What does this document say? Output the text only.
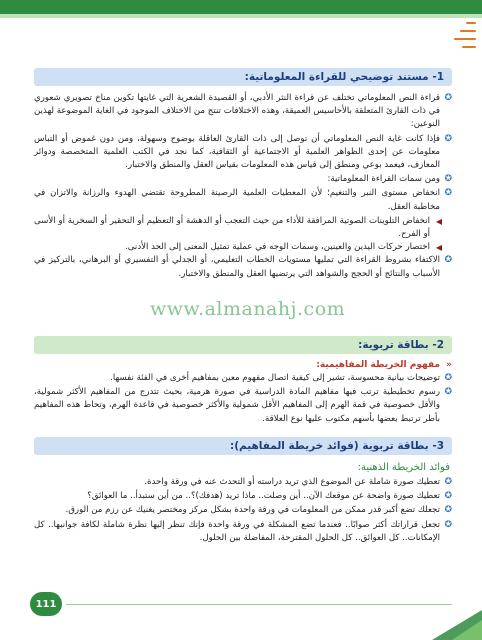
1- مستند توضيحي للقراءة المعلوماتية:

✪
قراءة النص المعلوماتي تختلف عن قراءة النثر الأدبي، أو القصيدة الشعرية التي غايتها تكوين مناخ تصويري شعوري في ذات القارئ المتعلقة بالأحاسيس العميقة، وهذه الاختلافات تنتج من الاختلاف الموجود في الغاية الموضوعة لهذين النوعين:

✪
فإذا كانت غاية النص المعلوماتي أن توصل إلى ذات القارئ العاقلة بوضوح وسهولة، ومن دون غموض أو التباس معلومات عن إحدى الظواهر العلمية أو الاجتماعية أو الثقافية، كما نجد في الكتب العلمية المتخصصة ودوائر المعارف، فيعمد بوعي ومنطق إلى قياس هذه المعلومات بقياس العقل والمنطق والاختبار.

✪
ومن سمات القراءة المعلوماتية:

✪
انخفاض مستوى النبر والتنغيم؛ لأن المعطيات العلمية الرصينة المطروحة تقتضي الهدوء والرزانة والاتزان في مخاطبة العقل.

◀
انخفاض التلوينات الصوتية المرافقة للأداء من حيث التعجب أو الدهشة أو التعظيم أو التحقير أو السخرية أو الأسى أو الفرح.

◀
اختصار حركات اليدين والعينين، وسمات الوجه في عملية تمثيل المعنى إلى الحد الأدنى.

✪
الاكتفاء بشروط القراءة التي تمليها مستويات الخطاب التعليمي، أو الجدلي أو التفسيري أو البرهاني، بالتركيز في الأسباب والنتائج أو الحجج والشواهد التي يرتضيها العقل والمنطق والاختبار.

www.almanahj.com
2- بطاقة تربوية:
«
مفهوم الخريطة المفاهيمية:

✪
توضيحات بيانية محسوسة، تشير إلى كيفية اتصال مفهوم معين بمفاهيم أخرى في الفئة نفسها.

✪
رسوم تخطيطية ترتب فيها مفاهيم المادة الدراسية في صورة هرمية، بحيث تتدرج من المفاهيم الأكثر شمولية، والأقل خصوصية في قمة الهرم إلى المفاهيم الأقل شمولية والأكثر خصوصية في قاعدة الهرم، وتحاط هذه المفاهيم بأطر ترتبط بعضها بأسهم مكتوب عليها نوع العلاقة.

3- بطاقة تربوية (فوائد خريطة المفاهيم):
فوائد الخريطة الذهنية:

✪
تعطيك صورة شاملة عن الموضوع الذي تريد دراسته أو التحدث عنه في ورقة واحدة.

✪
تعطيك صورة واضحة عن موقعك الآن.. أين وصلت.. ماذا تريد (هدفك)؟.. من أين ستبدأ.. ما العوائق؟

✪
تجعلك تضع أكبر قدر ممكن من المعلومات في ورقة واحدة بشكل مركز ومختصر يغنيك عن رزم من الورق.

✪
تجعل قراراتك أكثر صوابًا.. فعندما تضع المشكلة في ورقة واحدة فإنك تنظر إليها نظرة شاملة لكافة جوانبها.. كل الإمكانات.. كل العوائق.. كل الحلول المقترحة، المفاضلة بين الحلول.

111
